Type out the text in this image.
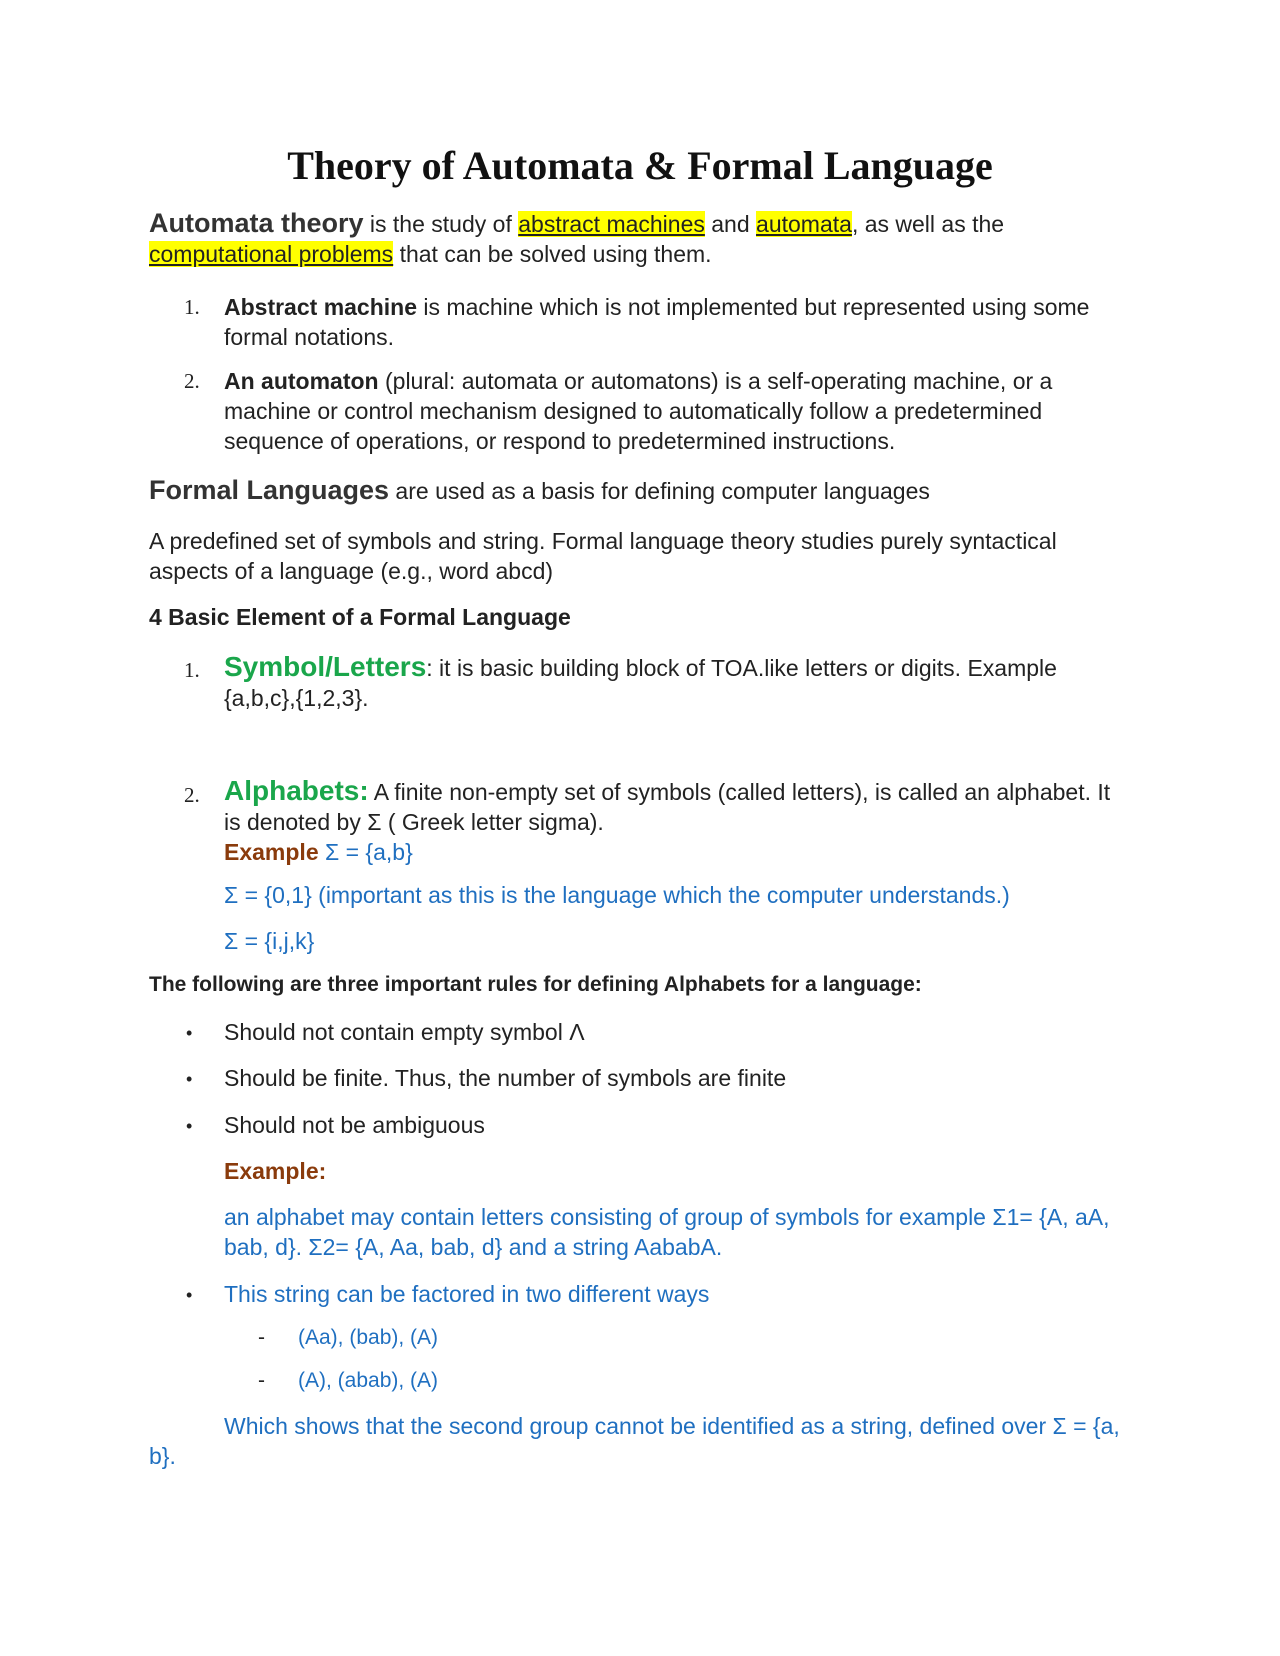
Theory of Automata & Formal Language
Automata theory is the study of abstract machines and automata, as well as the computational problems that can be solved using them.
1. Abstract machine is machine which is not implemented but represented using some formal notations.
2. An automaton (plural: automata or automatons) is a self-operating machine, or a machine or control mechanism designed to automatically follow a predetermined sequence of operations, or respond to predetermined instructions.
Formal Languages are used as a basis for defining computer languages
A predefined set of symbols and string. Formal language theory studies purely syntactical aspects of a language (e.g., word abcd)
4 Basic Element of a Formal Language
1. Symbol/Letters: it is basic building block of TOA.like letters or digits. Example {a,b,c},{1,2,3}.
2. Alphabets: A finite non-empty set of symbols (called letters), is called an alphabet. It is denoted by Σ ( Greek letter sigma).
Example Σ = {a,b}
Σ = {0,1} (important as this is the language which the computer understands.)
Σ = {i,j,k}
The following are three important rules for defining Alphabets for a language:
• Should not contain empty symbol Λ
• Should be finite. Thus, the number of symbols are finite
• Should not be ambiguous
Example:
an alphabet may contain letters consisting of group of symbols for example Σ1= {A, aA, bab, d}. Σ2= {A, Aa, bab, d} and a string AababA.
• This string can be factored in two different ways
- (Aa), (bab), (A)
- (A), (abab), (A)
Which shows that the second group cannot be identified as a string, defined over Σ = {a, b}.
